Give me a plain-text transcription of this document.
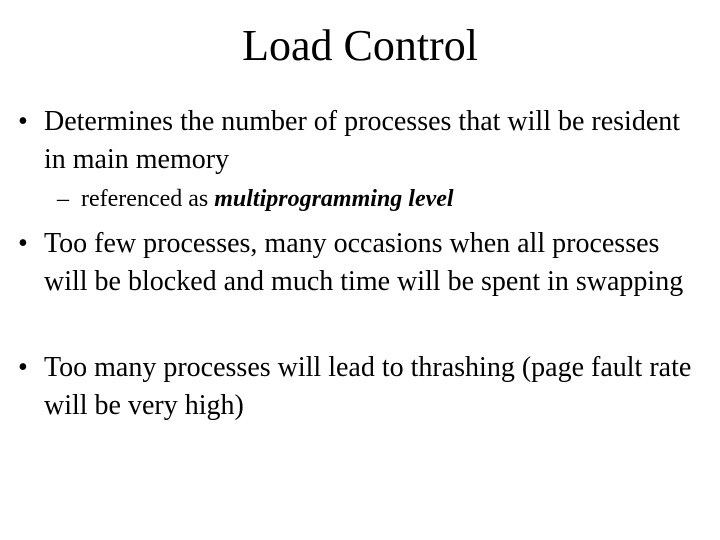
Load Control
• Determines the number of processes that will be resident in main memory
– referenced as multiprogramming level
• Too few processes, many occasions when all processes will be blocked and much time will be spent in swapping
• Too many processes will lead to thrashing (page fault rate will be very high)
